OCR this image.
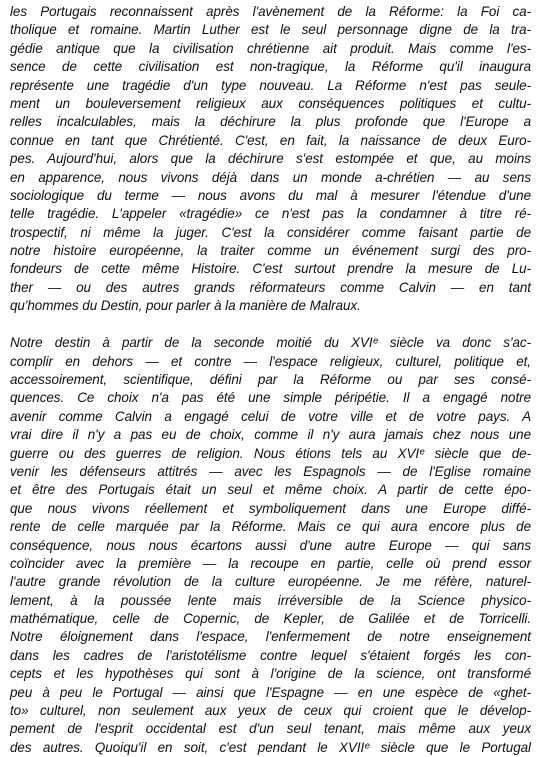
les Portugais reconnaissent après l'avènement de la Réforme: la Foi ca-
tholique et romaine. Martin Luther est le seul personnage digne de la tra-
gédie antique que la civilisation chrétienne ait produit. Mais comme l'es-
sence de cette civilisation est non-tragique, la Réforme qu'il inaugura
représente une tragédie d'un type nouveau. La Réforme n'est pas seule-
ment un bouleversement religieux aux conséquences politiques et cultu-
relles incalculables, mais la déchirure la plus profonde que l'Europe a
connue en tant que Chrétienté. C'est, en fait, la naissance de deux Euro-
pes. Aujourd'hui, alors que la déchirure s'est estompée et que, au moins
en apparence, nous vivons déjà dans un monde a-chrétien — au sens
sociologique du terme — nous avons du mal à mesurer l'étendue d'une
telle tragédie. L'appeler «tragédie» ce n'est pas la condamner à titre ré-
trospectif, ni même la juger. C'est la considérer comme faisant partie de
notre histoire européenne, la traiter comme un événement surgi des pro-
fondeurs de cette même Histoire. C'est surtout prendre la mesure de Lu-
ther — ou des autres grands réformateurs comme Calvin — en tant
qu'hommes du Destin, pour parler à la manière de Malraux.
Notre destin à partir de la seconde moitié du XVIᵉ siècle va donc s'ac-
complir en dehors — et contre — l'espace religieux, culturel, politique et,
accessoirement, scientifique, défini par la Réforme ou par ses consé-
quences. Ce choix n'a pas été une simple péripétie. Il a engagé notre
avenir comme Calvin a engagé celui de votre ville et de votre pays. A
vrai dire il n'y a pas eu de choix, comme il n'y aura jamais chez nous une
guerre ou des guerres de religion. Nous étions tels au XVIᵉ siècle que de-
venir les défenseurs attitrés — avec les Espagnols — de l'Eglise romaine
et être des Portugais était un seul et même choix. A partir de cette épo-
que nous vivons réellement et symboliquement dans une Europe diffé-
rente de celle marquée par la Réforme. Mais ce qui aura encore plus de
conséquence, nous nous écartons aussi d'une autre Europe — qui sans
coïncider avec la première — la recoupe en partie, celle où prend essor
l'autre grande révolution de la culture européenne. Je me réfère, naturel-
lement, à la poussée lente mais irréversible de la Science physico-
mathématique, celle de Copernic, de Kepler, de Galilée et de Torricelli.
Notre éloignement dans l'espace, l'enfermement de notre enseignement
dans les cadres de l'aristotélisme contre lequel s'étaient forgés les con-
cepts et les hypothèses qui sont à l'origine de la science, ont transformé
peu à peu le Portugal — ainsi que l'Espagne — en une espèce de «ghet-
to» culturel, non seulement aux yeux de ceux qui croient que le dévelop-
pement de l'esprit occidental est d'un seul tenant, mais même aux yeux
des autres. Quoiqu'il en soit, c'est pendant le XVIIᵉ siècle que le Portugal
